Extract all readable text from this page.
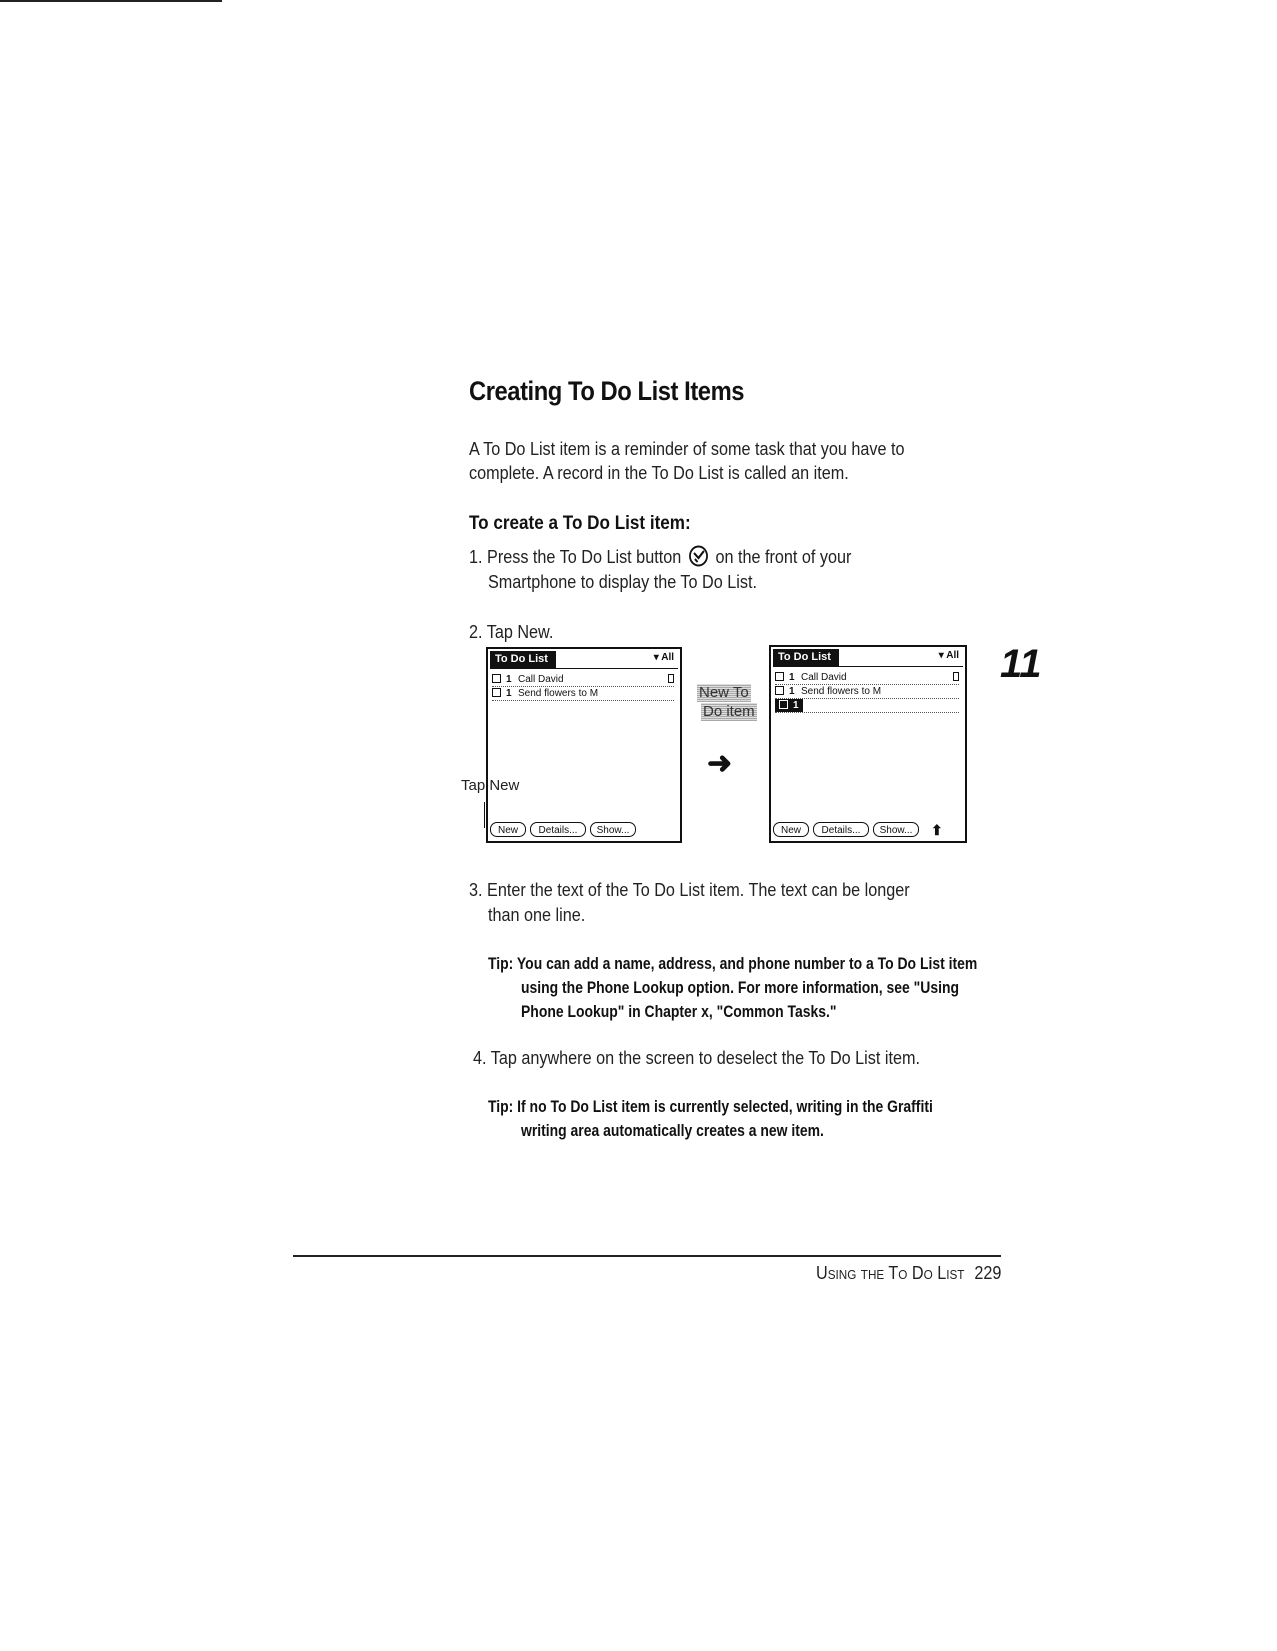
Creating To Do List Items
A To Do List item is a reminder of some task that you have to
complete. A record in the To Do List is called an item.
To create a To Do List item:
1. Press the To Do List button on the front of your
Smartphone to display the To Do List.
2. Tap New.
To Do List	▾ All
1 Call David
1 Send flowers to M
New	Details...	Show...
Tap New
New To
Do item
➜
To Do List	▾ All
1 Call David
1 Send flowers to M
1
New	Details...	Show...	⬆
11
3. Enter the text of the To Do List item. The text can be longer
than one line.
Tip: You can add a name, address, and phone number to a To Do List item
using the Phone Lookup option. For more information, see "Using
Phone Lookup" in Chapter x, "Common Tasks."
4. Tap anywhere on the screen to deselect the To Do List item.
Tip: If no To Do List item is currently selected, writing in the Graffiti
writing area automatically creates a new item.
Using the To Do List 229
